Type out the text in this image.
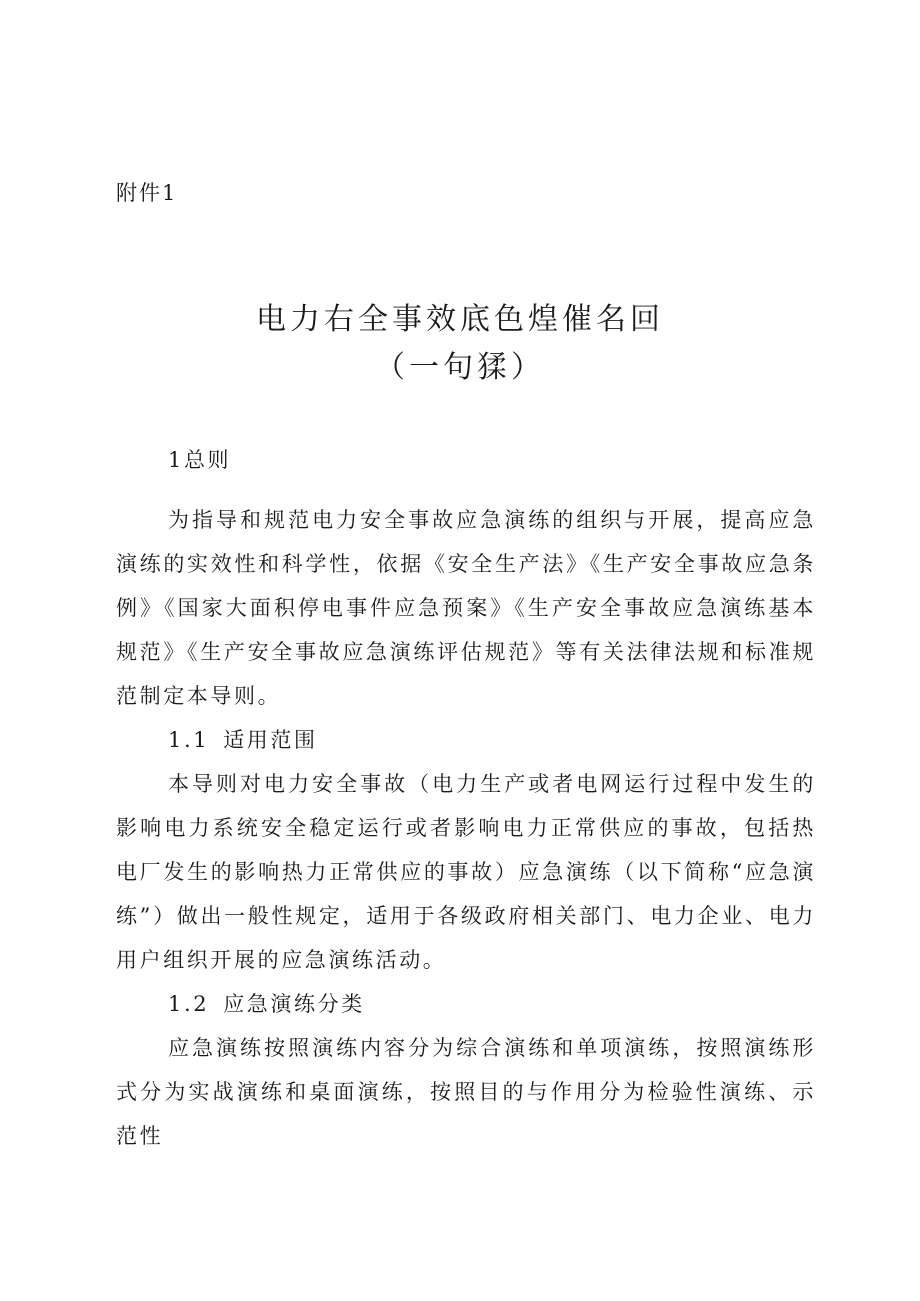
附件1
电力右全事效底色煌催名回
（一句猱）

1总则

为指导和规范电力安全事故应急演练的组织与开展，提高应急演练的实效性和科学性，依据《安全生产法》《生产安全事故应急条例》《国家大面积停电事件应急预案》《生产安全事故应急演练基本规范》《生产安全事故应急演练评估规范》等有关法律法规和标准规范制定本导则。

1.1 适用范围

本导则对电力安全事故（电力生产或者电网运行过程中发生的影响电力系统安全稳定运行或者影响电力正常供应的事故，包括热电厂发生的影响热力正常供应的事故）应急演练（以下简称“应急演练”）做出一般性规定，适用于各级政府相关部门、电力企业、电力用户组织开展的应急演练活动。

1.2 应急演练分类

应急演练按照演练内容分为综合演练和单项演练，按照演练形式分为实战演练和桌面演练，按照目的与作用分为检验性演练、示范性
